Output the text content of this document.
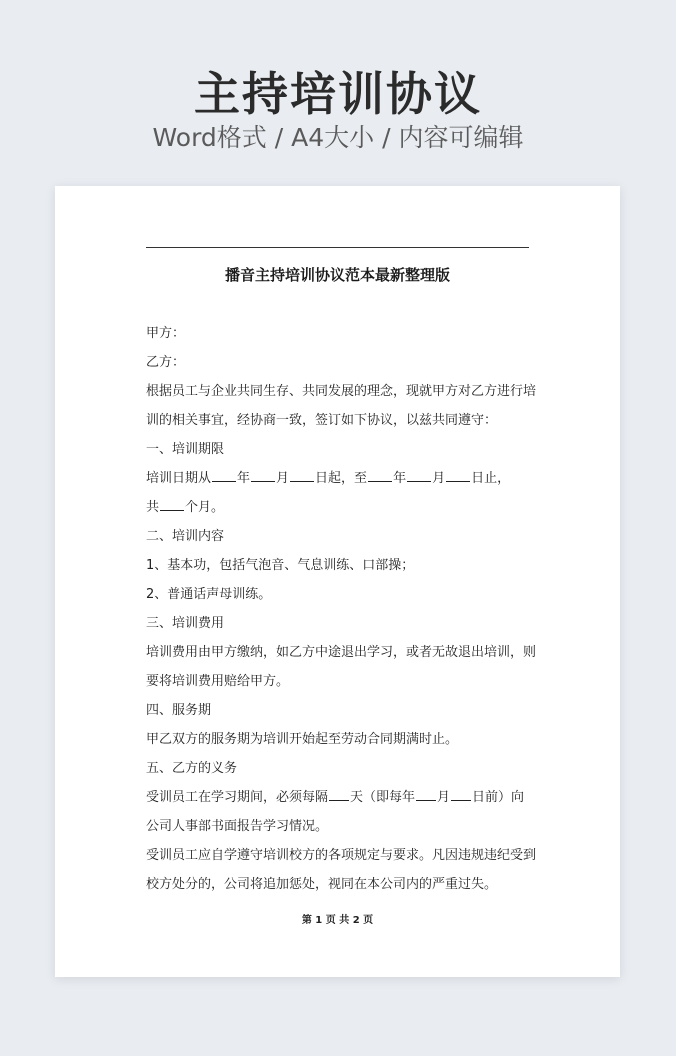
主持培训协议
Word格式 / A4大小 / 内容可编辑
播音主持培训协议范本最新整理版
甲方：
乙方：
根据员工与企业共同生存、共同发展的理念，现就甲方对乙方进行培
训的相关事宜，经协商一致，签订如下协议，以兹共同遵守：
一、培训期限
培训日期从 年 月 日起，至 年 月 日止，
共 个月。
二、培训内容
1、基本功，包括气泡音、气息训练、口部操；
2、普通话声母训练。
三、培训费用
培训费用由甲方缴纳，如乙方中途退出学习，或者无故退出培训，则
要将培训费用赔给甲方。
四、服务期
甲乙双方的服务期为培训开始起至劳动合同期满时止。
五、乙方的义务
受训员工在学习期间，必须每隔 天（即每年 月 日前）向
公司人事部书面报告学习情况。
受训员工应自学遵守培训校方的各项规定与要求。凡因违规违纪受到
校方处分的，公司将追加惩处，视同在本公司内的严重过失。
第 1 页 共 2 页
